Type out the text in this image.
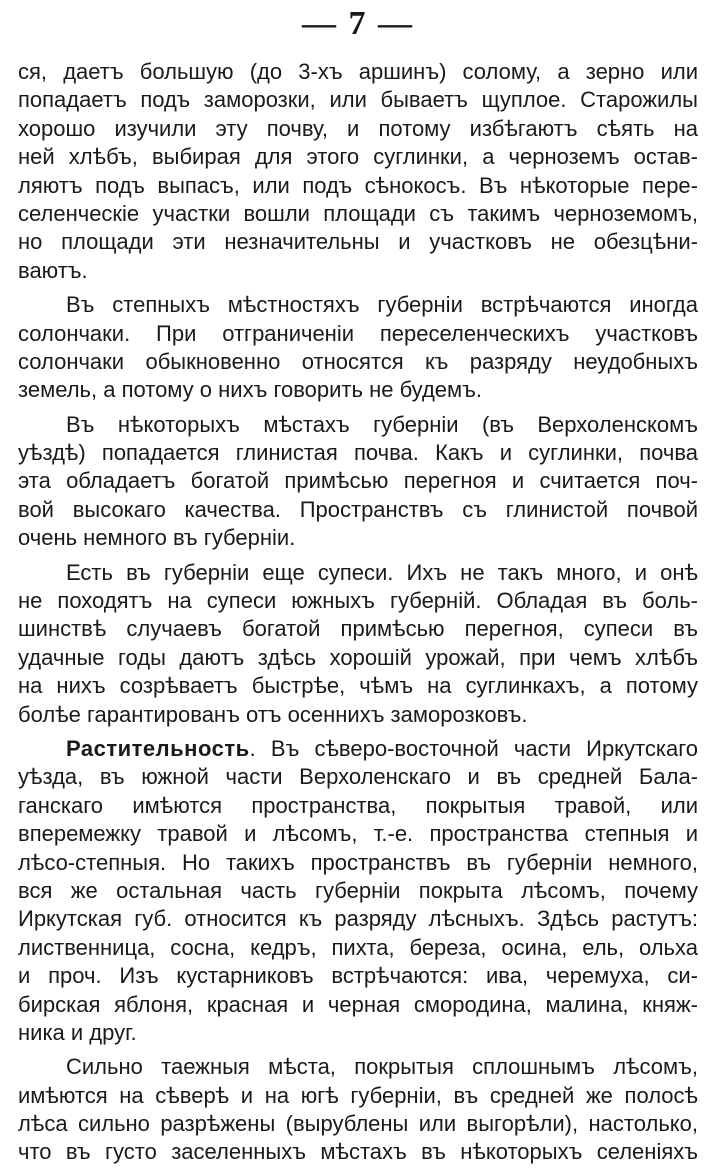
— 7 —
ся, даетъ большую (до 3-хъ аршинъ) солому, а зерно или
попадаетъ подъ заморозки, или бываетъ щуплое. Старожилы
хорошо изучили эту почву, и потому избѣгаютъ сѣять на
ней хлѣбъ, выбирая для этого суглинки, а черноземъ остав-
ляютъ подъ выпасъ, или подъ сѣнокосъ. Въ нѣкоторые пере-
селенческіе участки вошли площади съ такимъ черноземомъ,
но площади эти незначительны и участковъ не обезцѣни-
ваютъ.
Въ степныхъ мѣстностяхъ губерніи встрѣчаются иногда
солончаки. При отграниченіи переселенческихъ участковъ
солончаки обыкновенно относятся къ разряду неудобныхъ
земель, а потому о нихъ говорить не будемъ.
Въ нѣкоторыхъ мѣстахъ губерніи (въ Верхоленскомъ
уѣздѣ) попадается глинистая почва. Какъ и суглинки, почва
эта обладаетъ богатой примѣсью перегноя и считается поч-
вой высокаго качества. Пространствъ съ глинистой почвой
очень немного въ губерніи.
Есть въ губерніи еще супеси. Ихъ не такъ много, и онѣ
не походятъ на супеси южныхъ губерній. Обладая въ боль-
шинствѣ случаевъ богатой примѣсью перегноя, супеси въ
удачные годы даютъ здѣсь хорошій урожай, при чемъ хлѣбъ
на нихъ созрѣваетъ быстрѣе, чѣмъ на суглинкахъ, а потому
болѣе гарантированъ отъ осеннихъ заморозковъ.
Растительность. Въ сѣверо-восточной части Иркутскаго
уѣзда, въ южной части Верхоленскаго и въ средней Бала-
ганскаго имѣются пространства, покрытыя травой, или
вперемежку травой и лѣсомъ, т.-е. пространства степныя и
лѣсо-степныя. Но такихъ пространствъ въ губерніи немного,
вся же остальная часть губерніи покрыта лѣсомъ, почему
Иркутская губ. относится къ разряду лѣсныхъ. Здѣсь растутъ:
лиственница, сосна, кедръ, пихта, береза, осина, ель, ольха
и проч. Изъ кустарниковъ встрѣчаются: ива, черемуха, си-
бирская яблоня, красная и черная смородина, малина, княж-
ника и друг.
Сильно таежныя мѣста, покрытыя сплошнымъ лѣсомъ,
имѣются на сѣверѣ и на югѣ губерніи, въ средней же полосѣ
лѣса сильно разрѣжены (вырублены или выгорѣли), настолько,
что въ густо заселенныхъ мѣстахъ въ нѣкоторыхъ селеніяхъ
